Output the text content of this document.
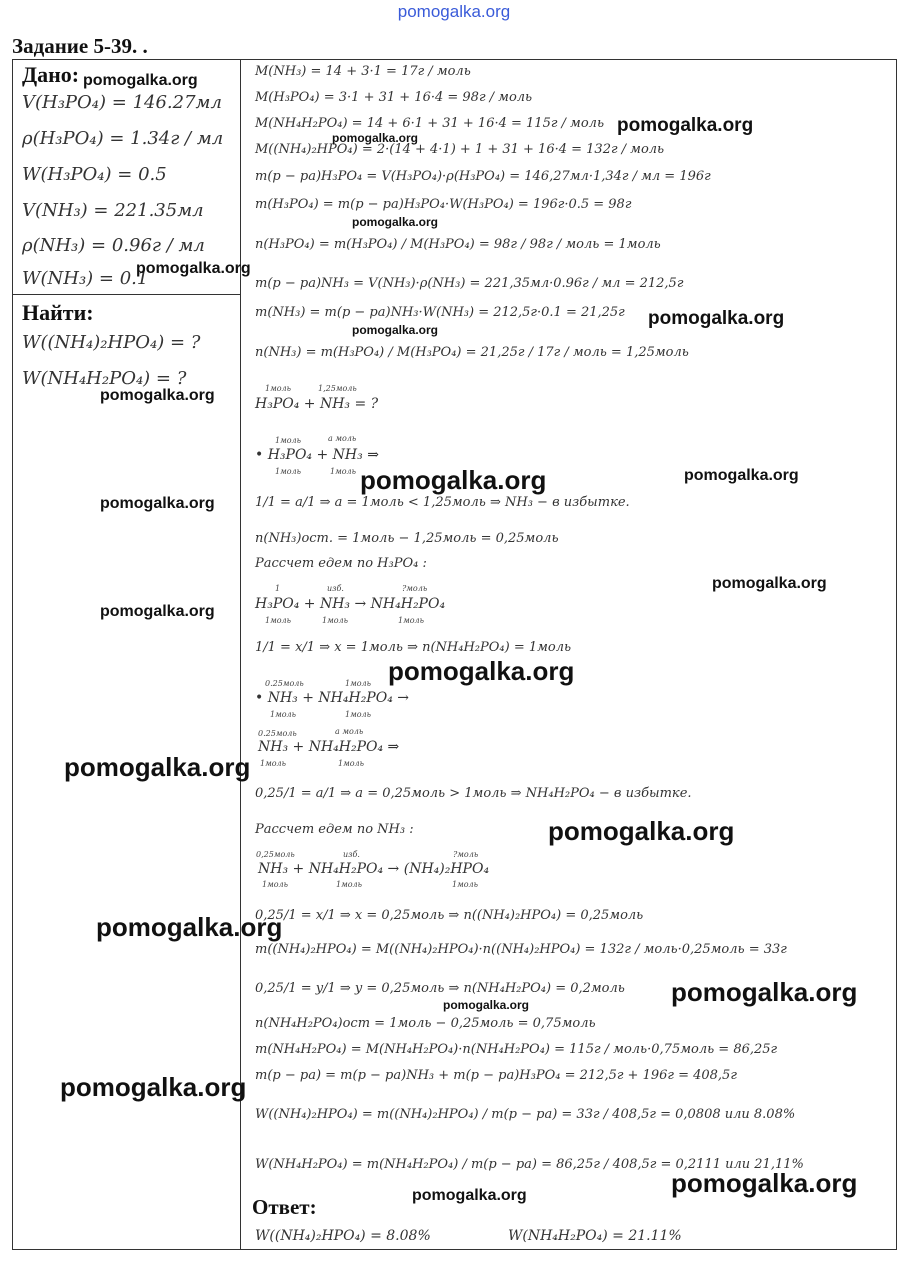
pomogalka.org
Задание 5-39. .
Дано:
V(H₃PO₄) = 146.27мл
ρ(H₃PO₄) = 1.34г / мл
W(H₃PO₄) = 0.5
V(NH₃) = 221.35мл
ρ(NH₃) = 0.96г / мл
W(NH₃) = 0.1
Найти:
W((NH₄)₂HPO₄) = ?
W(NH₄H₂PO₄) = ?
M(NH₃) = 14 + 3·1 = 17г / моль
M(H₃PO₄) = 3·1 + 31 + 16·4 = 98г / моль
M(NH₄H₂PO₄) = 14 + 6·1 + 31 + 16·4 = 115г / моль
M((NH₄)₂HPO₄) = 2·(14 + 4·1) + 1 + 31 + 16·4 = 132г / моль
m(р − ра)H₃PO₄ = V(H₃PO₄)·ρ(H₃PO₄) = 146,27мл·1,34г / мл = 196г
m(H₃PO₄) = m(р − ра)H₃PO₄·W(H₃PO₄) = 196г·0.5 = 98г
n(H₃PO₄) = m(H₃PO₄) / M(H₃PO₄) = 98г / 98г / моль = 1моль
m(р − ра)NH₃ = V(NH₃)·ρ(NH₃) = 221,35мл·0.96г / мл = 212,5г
m(NH₃) = m(р − ра)NH₃·W(NH₃) = 212,5г·0.1 = 21,25г
n(NH₃) = m(H₃PO₄) / M(H₃PO₄) = 21,25г / 17г / моль = 1,25моль
1моль	1,25моль
H₃PO₄ + NH₃ = ?
1моль	а моль
• H₃PO₄ + NH₃ ⇒
1моль	1моль
1/1 = a/1 ⇒ a = 1моль < 1,25моль ⇒ NH₃ − в избытке.
n(NH₃)ост. = 1моль − 1,25моль = 0,25моль
Рассчет едем по H₃PO₄ :
1	изб.	?моль
H₃PO₄ + NH₃ → NH₄H₂PO₄
1моль	1моль	1моль
1/1 = x/1 ⇒ x = 1моль ⇒ n(NH₄H₂PO₄) = 1моль
0.25моль	1моль
• NH₃ + NH₄H₂PO₄ →
1моль	1моль
0.25моль	а моль
NH₃ + NH₄H₂PO₄ ⇒
1моль	1моль
0,25/1 = a/1 ⇒ a = 0,25моль > 1моль ⇒ NH₄H₂PO₄ − в избытке.
Рассчет едем по NH₃ :
0,25моль	изб.	?моль
NH₃ + NH₄H₂PO₄ → (NH₄)₂HPO₄
1моль	1моль	1моль
0,25/1 = x/1 ⇒ x = 0,25моль ⇒ n((NH₄)₂HPO₄) = 0,25моль
m((NH₄)₂HPO₄) = M((NH₄)₂HPO₄)·n((NH₄)₂HPO₄) = 132г / моль·0,25моль = 33г
0,25/1 = y/1 ⇒ y = 0,25моль ⇒ n(NH₄H₂PO₄) = 0,2моль
n(NH₄H₂PO₄)ост = 1моль − 0,25моль = 0,75моль
m(NH₄H₂PO₄) = M(NH₄H₂PO₄)·n(NH₄H₂PO₄) = 115г / моль·0,75моль = 86,25г
m(р − ра) = m(р − ра)NH₃ + m(р − ра)H₃PO₄ = 212,5г + 196г = 408,5г
W((NH₄)₂HPO₄) = m((NH₄)₂HPO₄) / m(р − ра) = 33г / 408,5г = 0,0808 или 8.08%
W(NH₄H₂PO₄) = m(NH₄H₂PO₄) / m(р − ра) = 86,25г / 408,5г = 0,2111 или 21,11%
Ответ:
W((NH₄)₂HPO₄) = 8.08%	W(NH₄H₂PO₄) = 21.11%
pomogalka.org
pomogalka.org
pomogalka.org
pomogalka.org
pomogalka.org
pomogalka.org
pomogalka.org
pomogalka.org
pomogalka.org	pomogalka.org
pomogalka.org
pomogalka.org
pomogalka.org
pomogalka.org
pomogalka.org
pomogalka.org
pomogalka.org
pomogalka.org
pomogalka.org
pomogalka.org
pomogalka.org
pomogalka.org
